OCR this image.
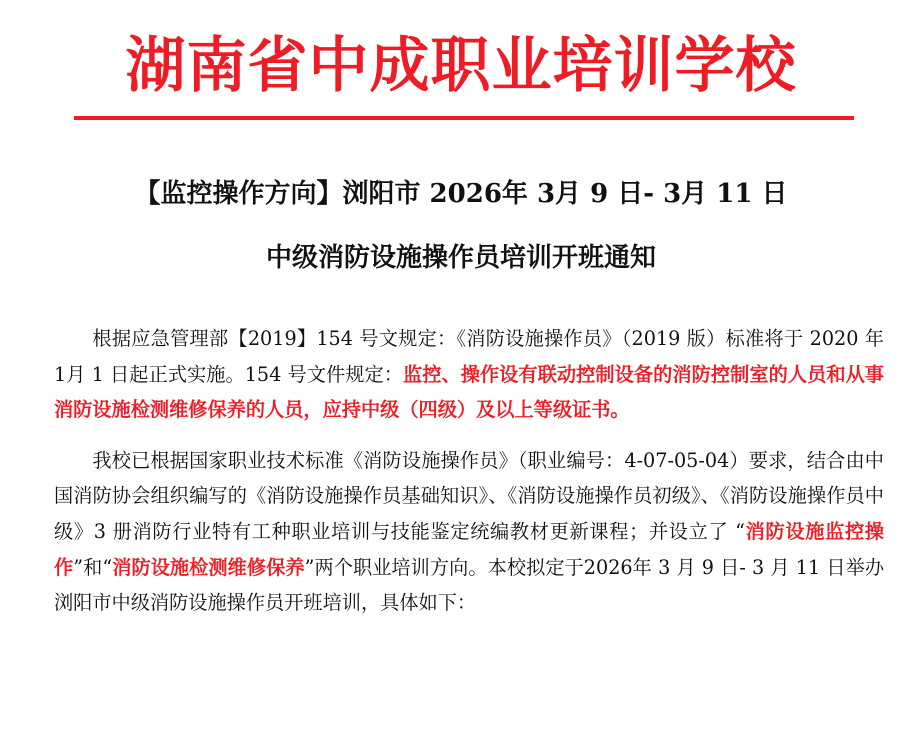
湖南省中成职业培训学校
【监控操作方向】浏阳市 2026年 3月 9 日- 3月 11 日
中级消防设施操作员培训开班通知

根据应急管理部【2019】154 号文规定：《消防设施操作员》（2019 版）标准将于 2020 年 1月 1 日起正式实施。154 号文件规定：监控、操作设有联动控制设备的消防控制室的人员和从事消防设施检测维修保养的人员，应持中级（四级）及以上等级证书。

我校已根据国家职业技术标准《消防设施操作员》（职业编号：4-07-05-04）要求，结合由中国消防协会组织编写的《消防设施操作员基础知识》、《消防设施操作员初级》、《消防设施操作员中级》3 册消防行业特有工种职业培训与技能鉴定统编教材更新课程；并设立了 “消防设施监控操作”和“消防设施检测维修保养”两个职业培训方向。本校拟定于2026年 3 月 9 日- 3 月 11 日举办浏阳市中级消防设施操作员开班培训，具体如下：
